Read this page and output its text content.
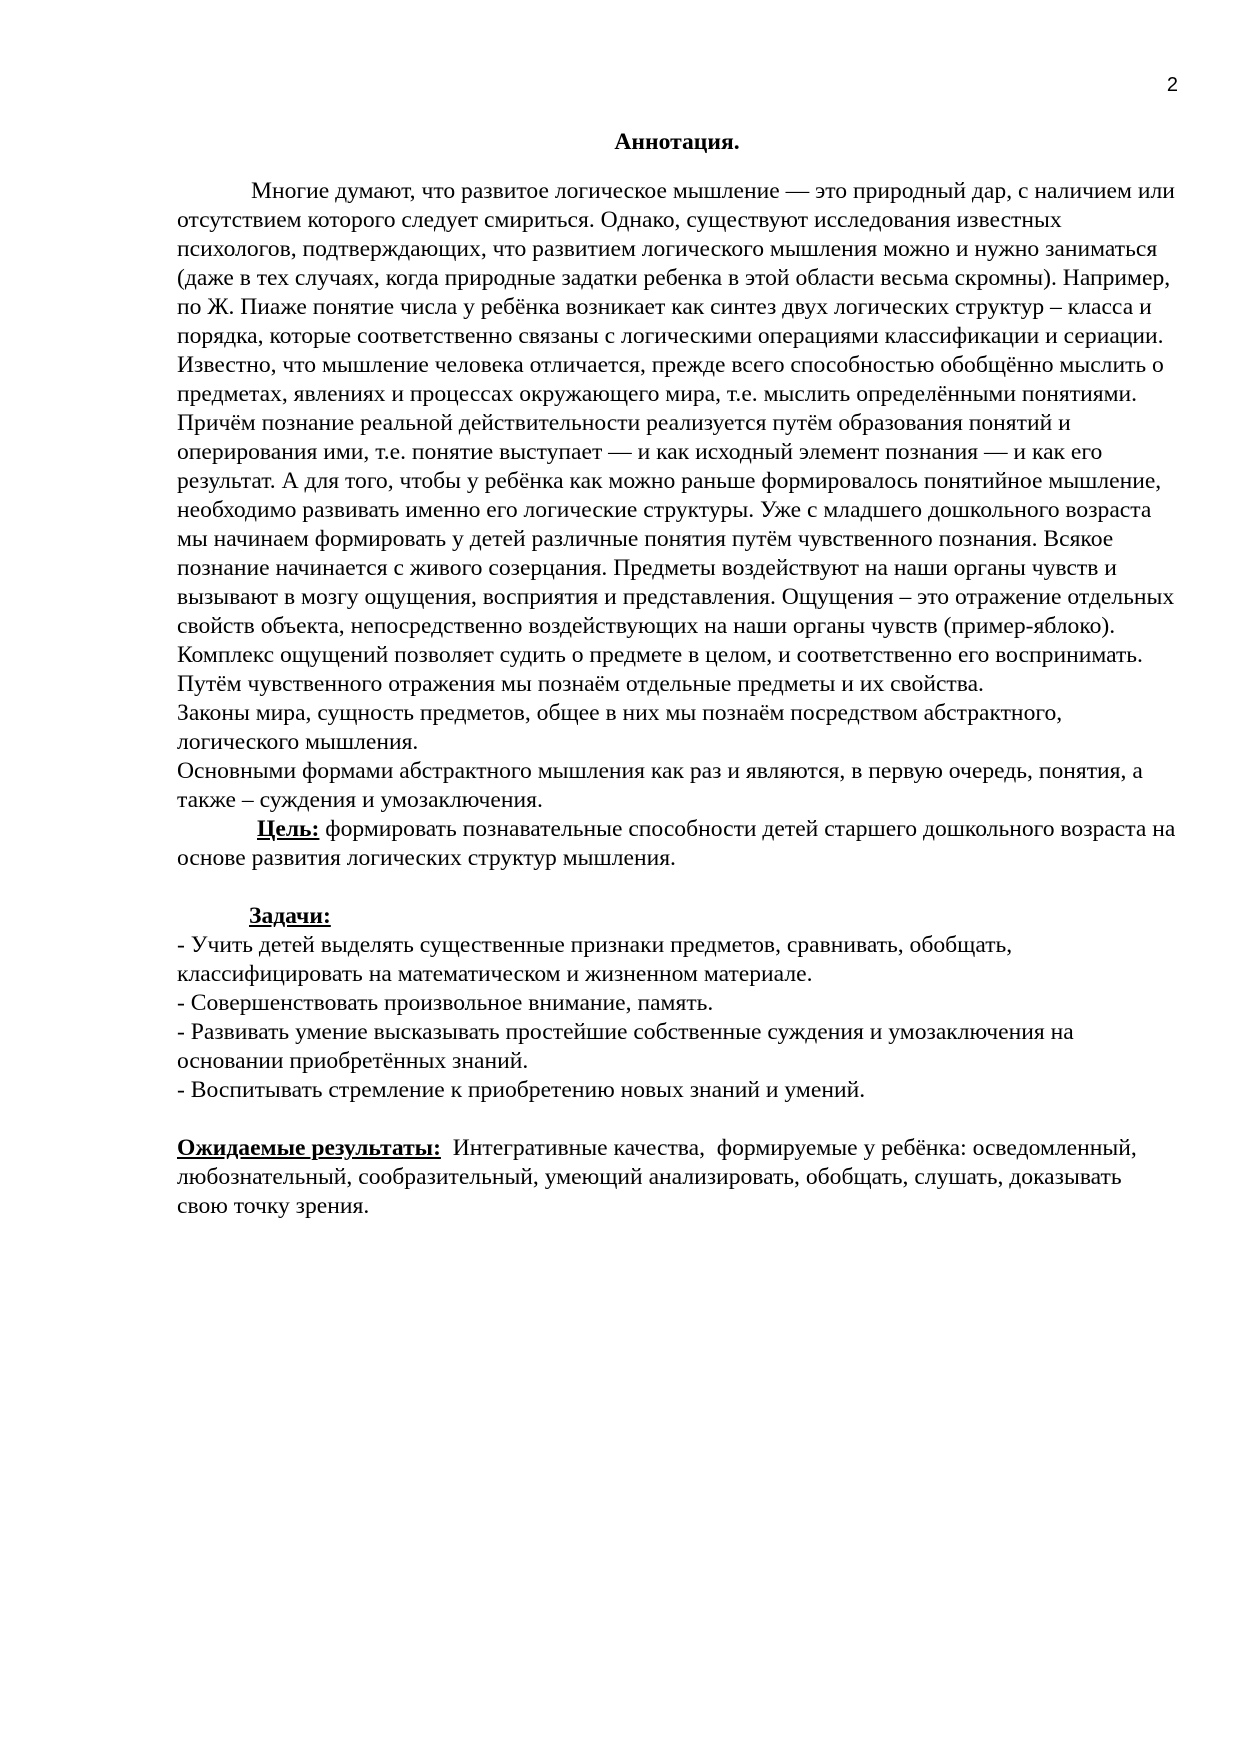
2

Аннотация.

Многие думают, что развитое логическое мышление — это природный дар, с наличием или отсутствием которого следует смириться. Однако, существуют исследования известных психологов, подтверждающих, что развитием логического мышления можно и нужно заниматься (даже в тех случаях, когда природные задатки ребенка в этой области весьма скромны). Например, по Ж. Пиаже понятие числа у ребёнка возникает как синтез двух логических структур – класса и порядка, которые соответственно связаны с логическими операциями классификации и сериации. Известно, что мышление человека отличается, прежде всего способностью обобщённо мыслить о предметах, явлениях и процессах окружающего мира, т.е. мыслить определёнными понятиями. Причём познание реальной действительности реализуется путём образования понятий и оперирования ими, т.е. понятие выступает — и как исходный элемент познания — и как его результат. А для того, чтобы у ребёнка как можно раньше формировалось понятийное мышление, необходимо развивать именно его логические структуры. Уже с младшего дошкольного возраста мы начинаем формировать у детей различные понятия путём чувственного познания. Всякое познание начинается с живого созерцания. Предметы воздействуют на наши органы чувств и вызывают в мозгу ощущения, восприятия и представления. Ощущения – это отражение отдельных свойств объекта, непосредственно воздействующих на наши органы чувств (пример-яблоко).

Комплекс ощущений позволяет судить о предмете в целом, и соответственно его воспринимать.

Путём чувственного отражения мы познаём отдельные предметы и их свойства.

Законы мира, сущность предметов, общее в них мы познаём посредством абстрактного, логического мышления.

Основными формами абстрактного мышления как раз и являются, в первую очередь, понятия, а также – суждения и умозаключения.

Цель: формировать познавательные способности детей старшего дошкольного возраста на основе развития логических структур мышления.

Задачи:

- Учить детей выделять существенные признаки предметов, сравнивать, обобщать, классифицировать на математическом и жизненном материале.

- Совершенствовать произвольное внимание, память.

- Развивать умение высказывать простейшие собственные суждения и умозаключения на основании приобретённых знаний.

- Воспитывать стремление к приобретению новых знаний и умений.

Ожидаемые результаты:  Интегративные качества,  формируемые у ребёнка: осведомленный, любознательный, сообразительный, умеющий анализировать, обобщать, слушать, доказывать свою точку зрения.
